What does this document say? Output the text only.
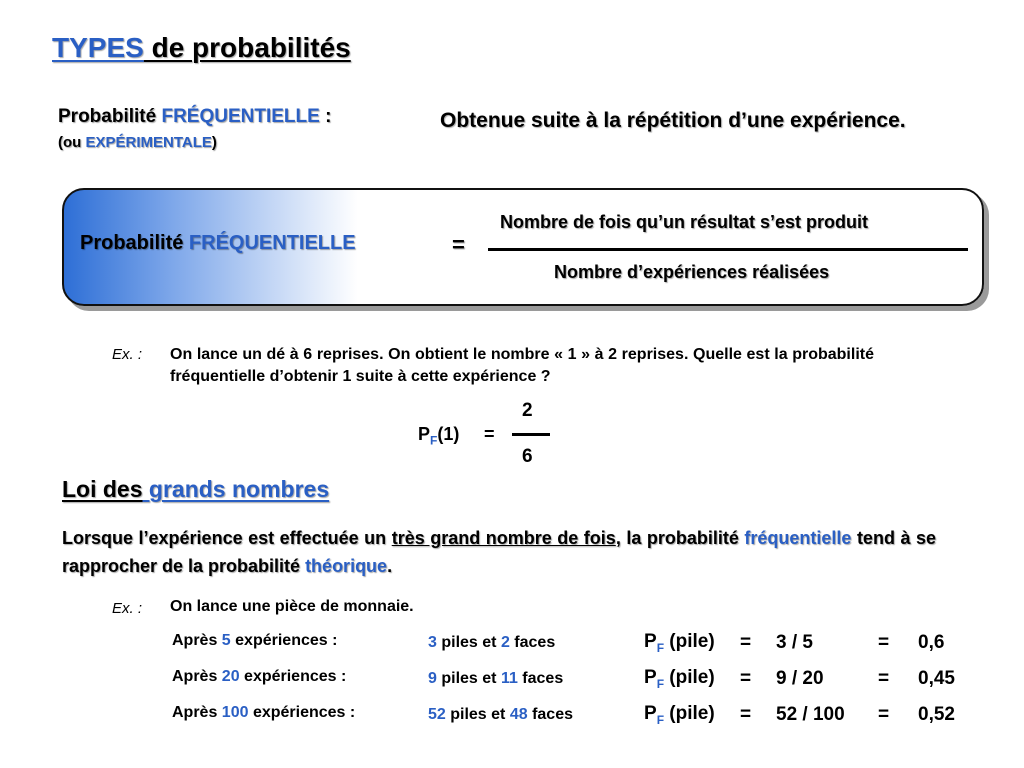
TYPES de probabilités
Probabilité FRÉQUENTIELLE :
(ou EXPÉRIMENTALE)
Obtenue suite à la répétition d’une expérience.
Probabilité FRÉQUENTIELLE	=
Nombre de fois qu’un résultat s’est produit
Nombre d’expériences réalisées
Ex. : On lance un dé à 6 reprises. On obtient le nombre « 1 » à 2 reprises. Quelle est la probabilité fréquentielle d’obtenir 1 suite à cette expérience ?
$P_F(1)$ =
2
6
Loi des grands nombres
Lorsque l’expérience est effectuée un très grand nombre de fois, la probabilité fréquentielle tend à se rapprocher de la probabilité théorique.
Ex. : On lance une pièce de monnaie.
Après 5 expériences :	3 piles et 2 faces	$P_F$ (pile) = 3 / 5	= 0,6
Après 20 expériences :	9 piles et 11 faces	$P_F$ (pile) = 9 / 20	= 0,45
Après 100 expériences :	52 piles et 48 faces	$P_F$ (pile) = 52 / 100 = 0,52
